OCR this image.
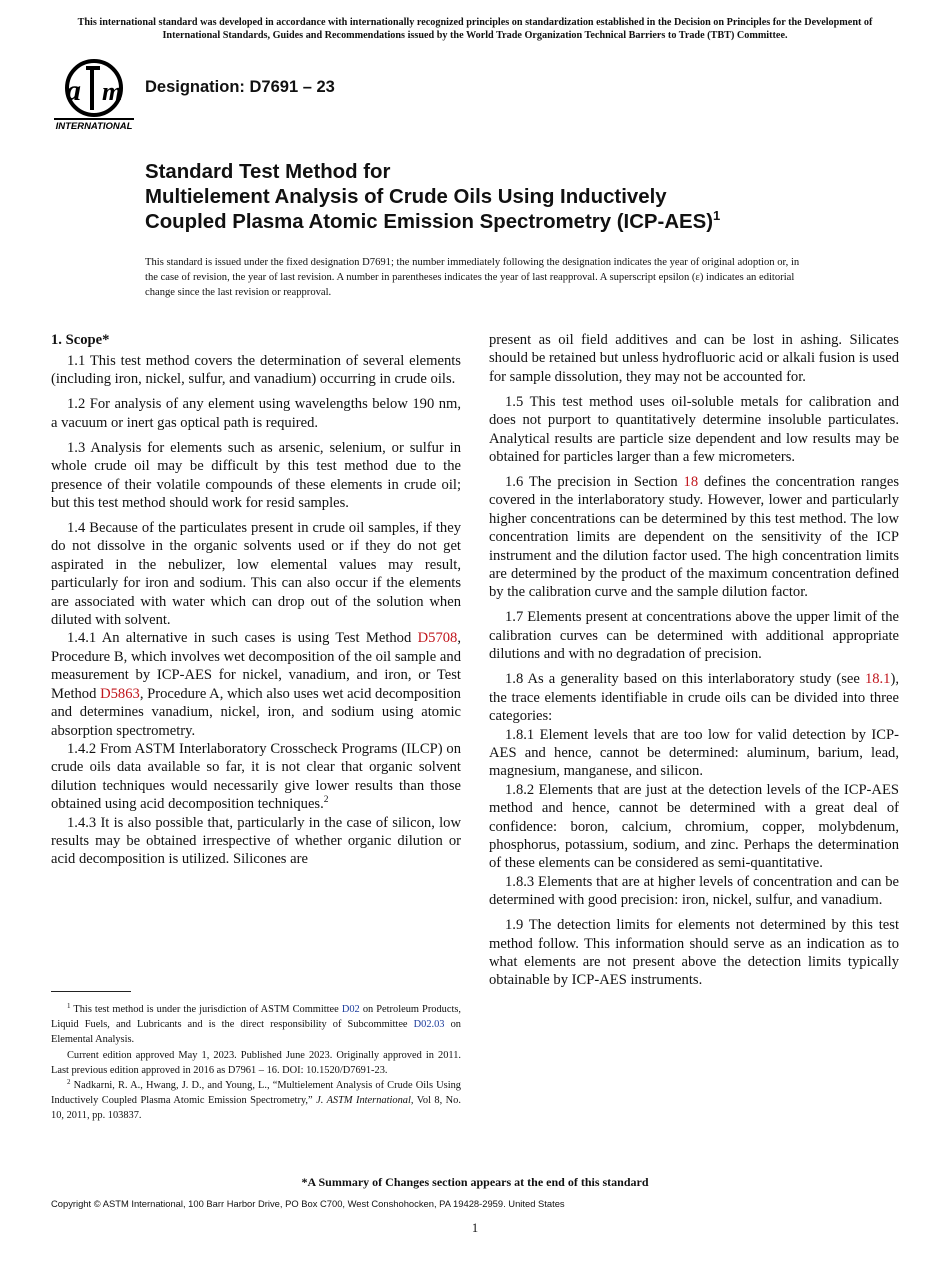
This international standard was developed in accordance with internationally recognized principles on standardization established in the Decision on Principles for the Development of International Standards, Guides and Recommendations issued by the World Trade Organization Technical Barriers to Trade (TBT) Committee.
a m
INTERNATIONAL
Designation: D7691 – 23
Standard Test Method for
Multielement Analysis of Crude Oils Using Inductively
Coupled Plasma Atomic Emission Spectrometry $(ICP-AES)^1$
This standard is issued under the fixed designation D7691; the number immediately following the designation indicates the year of original adoption or, in the case of revision, the year of last revision. A number in parentheses indicates the year of last reapproval. A superscript epsilon (ε) indicates an editorial change since the last revision or reapproval.
1. Scope*

1.1 This test method covers the determination of several elements (including iron, nickel, sulfur, and vanadium) occurring in crude oils.

1.2 For analysis of any element using wavelengths below 190 nm, a vacuum or inert gas optical path is required.

1.3 Analysis for elements such as arsenic, selenium, or sulfur in whole crude oil may be difficult by this test method due to the presence of their volatile compounds of these elements in crude oil; but this test method should work for resid samples.

1.4 Because of the particulates present in crude oil samples, if they do not dissolve in the organic solvents used or if they do not get aspirated in the nebulizer, low elemental values may result, particularly for iron and sodium. This can also occur if the elements are associated with water which can drop out of the solution when diluted with solvent.

1.4.1 An alternative in such cases is using Test Method D5708, Procedure B, which involves wet decomposition of the oil sample and measurement by ICP-AES for nickel, vanadium, and iron, or Test Method D5863, Procedure A, which also uses wet acid decomposition and determines vanadium, nickel, iron, and sodium using atomic absorption spectrometry.

1.4.2 From ASTM Interlaboratory Crosscheck Programs (ILCP) on crude oils data available so far, it is not clear that organic solvent dilution techniques would necessarily give lower results than those obtained using acid decomposition techniques.$^2$

1.4.3 It is also possible that, particularly in the case of silicon, low results may be obtained irrespective of whether organic dilution or acid decomposition is utilized. Silicones are

$^1$ This test method is under the jurisdiction of ASTM Committee D02 on Petroleum Products, Liquid Fuels, and Lubricants and is the direct responsibility of Subcommittee D02.03 on Elemental Analysis.

Current edition approved May 1, 2023. Published June 2023. Originally approved in 2011. Last previous edition approved in 2016 as D7961 – 16. DOI: 10.1520/D7691-23.

$^2$ Nadkarni, R. A., Hwang, J. D., and Young, L., “Multielement Analysis of Crude Oils Using Inductively Coupled Plasma Atomic Emission Spectrometry,” J. ASTM International, Vol 8, No. 10, 2011, pp. 103837.

present as oil field additives and can be lost in ashing. Silicates should be retained but unless hydrofluoric acid or alkali fusion is used for sample dissolution, they may not be accounted for.

1.5 This test method uses oil-soluble metals for calibration and does not purport to quantitatively determine insoluble particulates. Analytical results are particle size dependent and low results may be obtained for particles larger than a few micrometers.

1.6 The precision in Section 18 defines the concentration ranges covered in the interlaboratory study. However, lower and particularly higher concentrations can be determined by this test method. The low concentration limits are dependent on the sensitivity of the ICP instrument and the dilution factor used. The high concentration limits are determined by the product of the maximum concentration defined by the calibration curve and the sample dilution factor.

1.7 Elements present at concentrations above the upper limit of the calibration curves can be determined with additional appropriate dilutions and with no degradation of precision.

1.8 As a generality based on this interlaboratory study (see 18.1), the trace elements identifiable in crude oils can be divided into three categories:

1.8.1 Element levels that are too low for valid detection by ICP-AES and hence, cannot be determined: aluminum, barium, lead, magnesium, manganese, and silicon.

1.8.2 Elements that are just at the detection levels of the ICP-AES method and hence, cannot be determined with a great deal of confidence: boron, calcium, chromium, copper, molybdenum, phosphorus, potassium, sodium, and zinc. Perhaps the determination of these elements can be considered as semi-quantitative.

1.8.3 Elements that are at higher levels of concentration and can be determined with good precision: iron, nickel, sulfur, and vanadium.

1.9 The detection limits for elements not determined by this test method follow. This information should serve as an indication as to what elements are not present above the detection limits typically obtainable by ICP-AES instruments.

*A Summary of Changes section appears at the end of this standard
Copyright © ASTM International, 100 Barr Harbor Drive, PO Box C700, West Conshohocken, PA 19428-2959. United States
1
